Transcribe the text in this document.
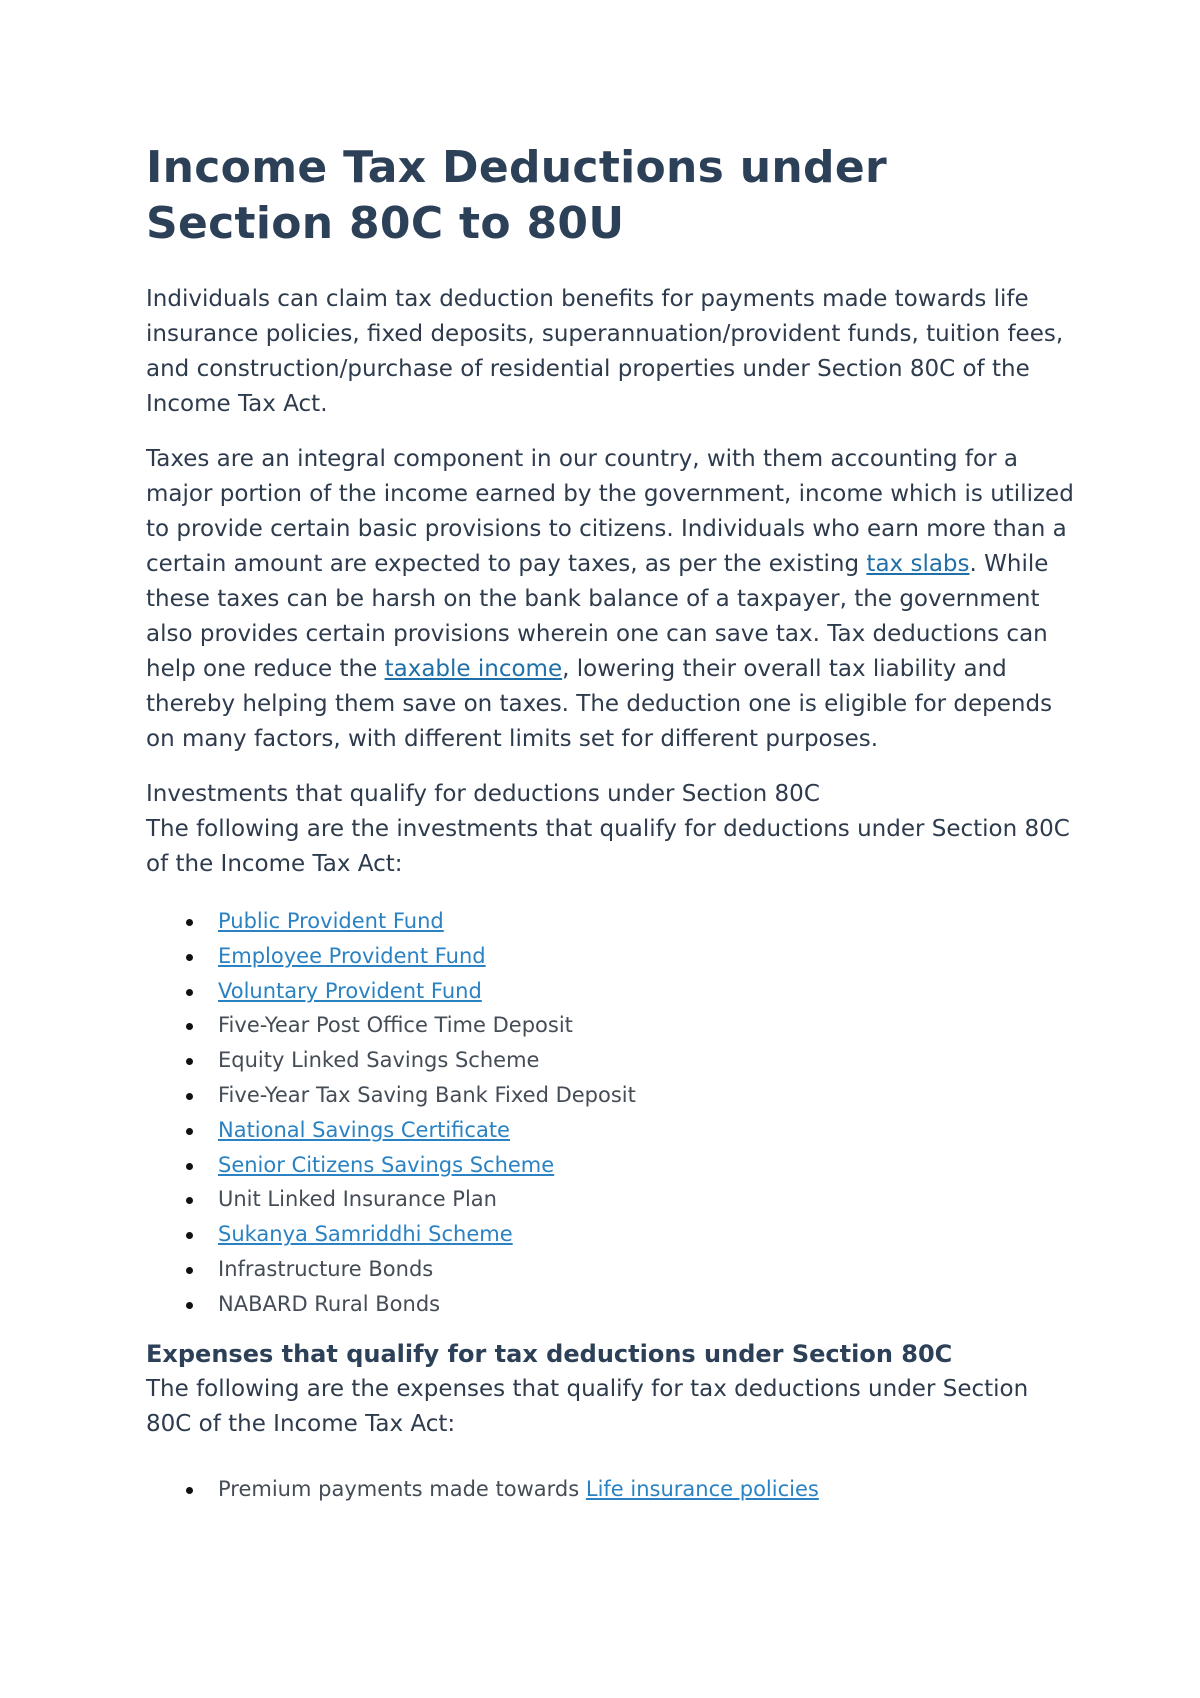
Income Tax Deductions under Section 80C to 80U

Individuals can claim tax deduction benefits for payments made towards life insurance policies, fixed deposits, superannuation/provident funds, tuition fees, and construction/purchase of residential properties under Section 80C of the Income Tax Act.

Taxes are an integral component in our country, with them accounting for a major portion of the income earned by the government, income which is utilized to provide certain basic provisions to citizens. Individuals who earn more than a certain amount are expected to pay taxes, as per the existing tax slabs. While these taxes can be harsh on the bank balance of a taxpayer, the government also provides certain provisions wherein one can save tax. Tax deductions can help one reduce the taxable income, lowering their overall tax liability and thereby helping them save on taxes. The deduction one is eligible for depends on many factors, with different limits set for different purposes.

Investments that qualify for deductions under Section 80C

The following are the investments that qualify for deductions under Section 80C of the Income Tax Act:

Public Provident Fund
Employee Provident Fund
Voluntary Provident Fund
Five-Year Post Office Time Deposit
Equity Linked Savings Scheme
Five-Year Tax Saving Bank Fixed Deposit
National Savings Certificate
Senior Citizens Savings Scheme
Unit Linked Insurance Plan
Sukanya Samriddhi Scheme
Infrastructure Bonds
NABARD Rural Bonds
Expenses that qualify for tax deductions under Section 80C

The following are the expenses that qualify for tax deductions under Section 80C of the Income Tax Act:

Premium payments made towards Life insurance policies
